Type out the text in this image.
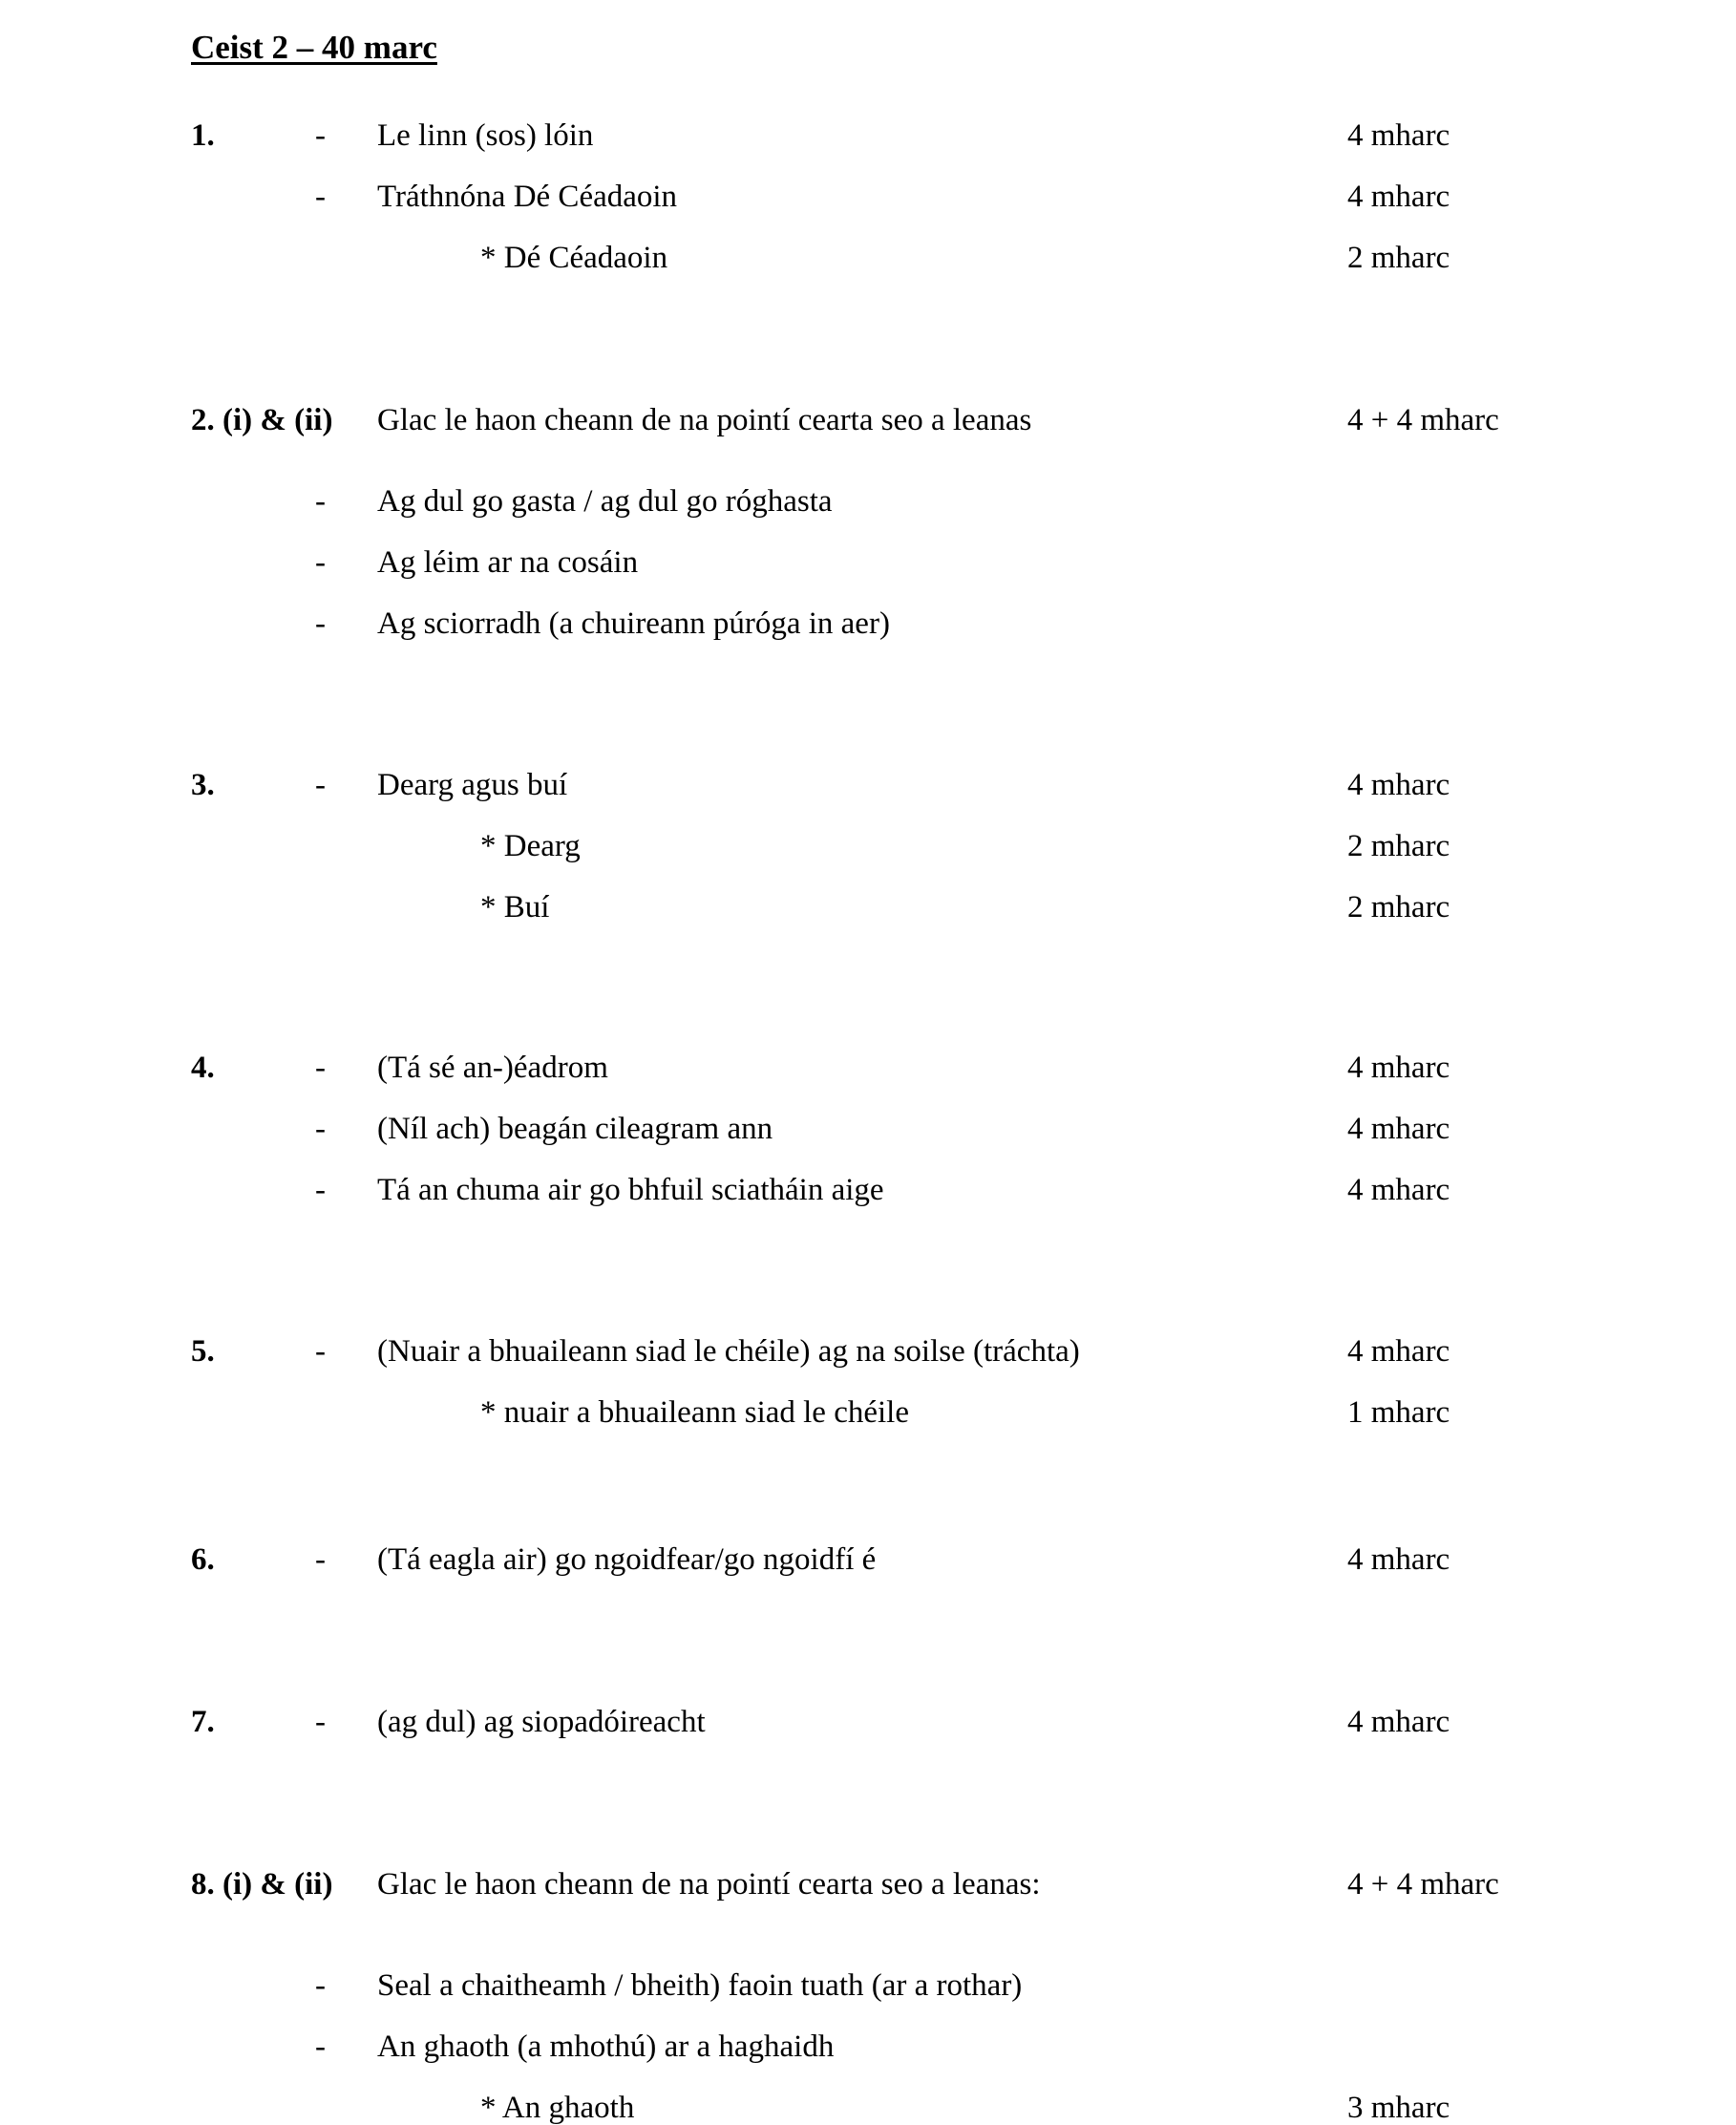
Ceist 2 – 40 marc
1.	- Le linn (sos) lóin	4 mharc
- Tráthnóna Dé Céadaoin	4 mharc
* Dé Céadaoin	2 mharc
2. (i) & (ii) Glac le haon cheann de na pointí cearta seo a leanas	4 + 4 mharc
- Ag dul go gasta / ag dul go róghasta
- Ag léim ar na cosáin
- Ag sciorradh (a chuireann púróga in aer)
3.	- Dearg agus buí	4 mharc
* Dearg	2 mharc
* Buí	2 mharc
4.	- (Tá sé an-)éadrom	4 mharc
- (Níl ach) beagán cileagram ann	4 mharc
- Tá an chuma air go bhfuil sciatháin aige	4 mharc
5.	- (Nuair a bhuaileann siad le chéile) ag na soilse (tráchta)	4 mharc
* nuair a bhuaileann siad le chéile	1 mharc
6.	- (Tá eagla air) go ngoidfear/go ngoidfí é	4 mharc
7.	- (ag dul) ag siopadóireacht	4 mharc
8. (i) & (ii) Glac le haon cheann de na pointí cearta seo a leanas:	4 + 4 mharc
- Seal a chaitheamh / bheith) faoin tuath (ar a rothar)
- An ghaoth (a mhothú) ar a haghaidh
* An ghaoth	3 mharc
